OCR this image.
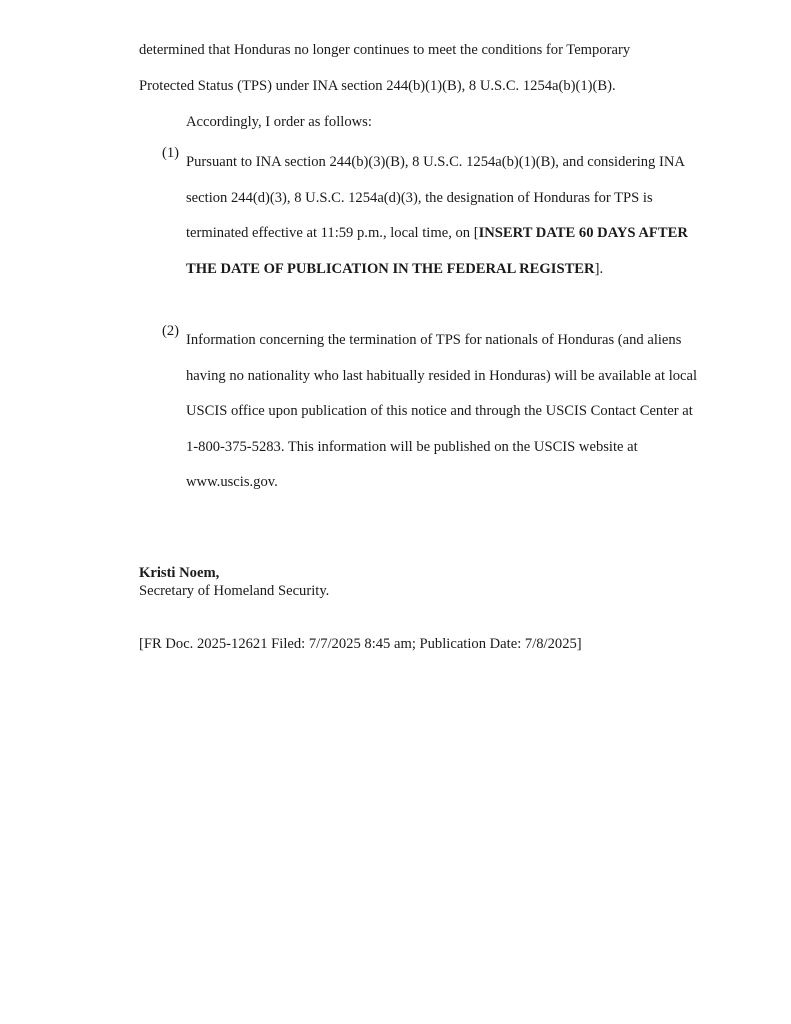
determined that Honduras no longer continues to meet the conditions for Temporary
Protected Status (TPS) under INA section 244(b)(1)(B), 8 U.S.C. 1254a(b)(1)(B).
Accordingly, I order as follows:
(1)
Pursuant to INA section 244(b)(3)(B), 8 U.S.C. 1254a(b)(1)(B), and considering INA section 244(d)(3), 8 U.S.C. 1254a(d)(3), the designation of Honduras for TPS is terminated effective at 11:59 p.m., local time, on [INSERT DATE 60 DAYS AFTER THE DATE OF PUBLICATION IN THE FEDERAL REGISTER].
(2)
Information concerning the termination of TPS for nationals of Honduras (and aliens having no nationality who last habitually resided in Honduras) will be available at local USCIS office upon publication of this notice and through the USCIS Contact Center at 1-800-375-5283. This information will be published on the USCIS website at www.uscis.gov.
Kristi Noem,
Secretary of Homeland Security.
[FR Doc. 2025-12621 Filed: 7/7/2025 8:45 am; Publication Date: 7/8/2025]
